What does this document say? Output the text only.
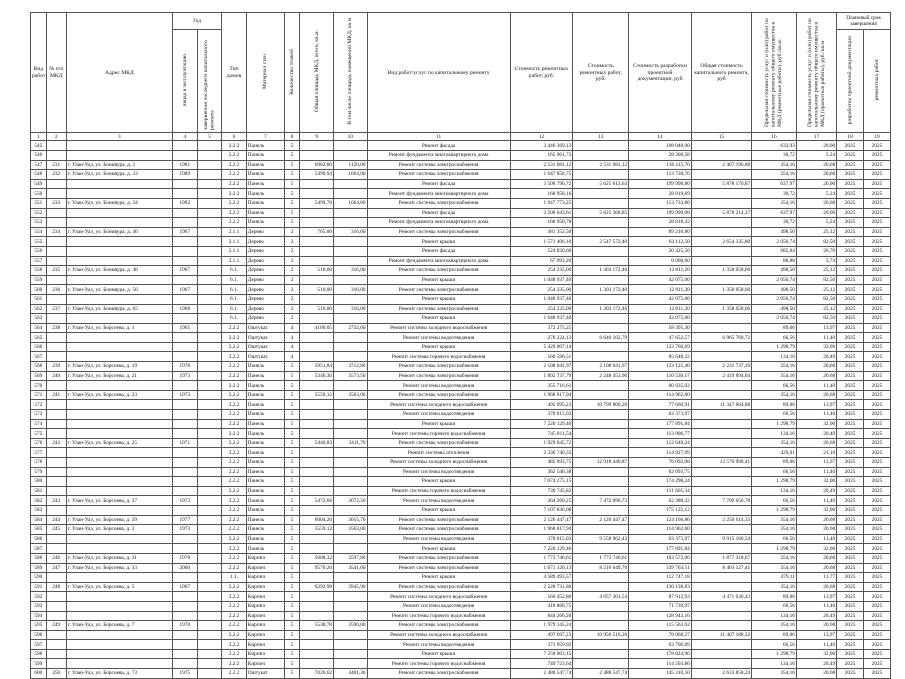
Вид работ	№ п/п МКД	Адрес МКД	Год		Тип домов	Материал стен	Количество этажей	Общая площадь МКД, всего, кв.м.	В том числе площадь помещений МКД, кв.м	Вид работ/услуг по капитальному ремонту	Стоимость ремонтных работ, руб.	Стоимость ремонтных работ, руб.	Стоимость разработки проектной документации, руб	Общая стоимость капитального ремонта, руб	Предельная стоимость услуг и (или) работ по капитальному ремонту общего имущества в МКД (ремонтные работы), руб./кв.м.	Предельная стоимость услуг и (или) работ по капитальному ремонту общего имущества в МКД (проектные работы), руб./кв.м	Плановый срок завершения	
			ввода в эксплуатацию	завершения последнего капитального ремонта													разработки проектной документации	ремонтных работ
1	2	3	4	5	6	7	8	9	10	11	12	13	14	15	16	17	18	19
545					2.2.2	Панель	5			Ремонт фасада	3 446 369,13		108 048,00		633,93	20,00	2025	2025
546					2.2.2	Панель	5			Ремонт фундамента многоквартирного дома	165 961,73		28 308,58		30,72	5,24	2025	2025
547	231	г. Улан-Удэ, ул. Бонивура, д. 2	1981		2.2.2	Панель	5	6982,00	1120,00	Ремонт системы электроснабжения	2 531 081,12	2 531 081,12	136 115,76	2 467 196,88	354,16	20,68	2025	2025
548	232	г. Улан-Удэ, ул. Бонивура, д. 23	1989		2.2.2	Панель	5	5499,94	1664,00	Ремонт системы электроснабжения	1 047 858,75		113 738,76		354,16	20,68	2025	2025
549					2.2.2	Панель	5			Ремонт фасада	3 508 796,72	5 625 613,63	199 998,80	5 878 170,87	637,97	20,00	2025	2025
550					2.2.2	Панель	5			Ремонт фундамента многоквартирного дома	168 958,16		28 819,69		30,72	5,24	2025	2025
551	233	г. Улан-Удэ, ул. Бонивура, д. 24	1992		2.2.2	Панель	5	5499,70	1664,00	Ремонт системы электроснабжения	1 947 773,25		113 733,80		354,16	20,68	2025	2025
552					2.2.2	Панель	5			Ремонт фасада	3 508 643,61	5 625 368,85	199 990,08	5 878 214,37	637,97	20,00	2025	2025
553					2.2.2	Панель	5			Ремонт фундамента многоквартирного дома	168 950,78		28 818,43		30,72	5,24	2025	2025
554	234	г. Улан-Удэ, ул. Бонивура, д. 46	1967		2.1.1	Дерево	2	765,00	316,00	Ремонт системы электроснабжения	381 352,50		89 216,80		498,50	25,12	2025	2025
555					2.1.1	Дерево	2			Ремонт крыши	1 571 406,10	2 547 572,40	63 112,50	2 654 335,80	2 056,74	82,50	2025	2025
556					2.1.1	Дерево	2			Ремонт фасада	524 820,60		20 425,50		685,04	26,70	2025	2025
557					2.1.1	Дерево	2			Ремонт фундамента многоквартирного дома	67 993,20		0 008,60		88,88	5,74	2025	2025
558	235	г. Улан-Удэ, ул. Бонивура, д. 48	1967		6.1.	Дерево	2	510,00	316,00	Ремонт системы электроснабжения	254 235,00	1 303 172,40	12 811,20	1 358 058,60	498,50	25,12	2025	2025
559					6.1.	Дерево	2			Ремонт крыши	1 048 937,40		42 075,00		2 056,74	82,50	2025	2025
560	236	г. Улан-Удэ, ул. Бонивура, д. 56	1967		6.1.	Дерево	2	510,00	316,00	Ремонт системы электроснабжения	254 235,00	1 303 172,40	12 811,20	1 358 058,60	498,50	25,12	2025	2025
561					6.1.	Дерево	2			Ремонт крыши	1 048 937,40		42 075,00		2 056,74	82,50	2025	2025
562	237	г. Улан-Удэ, ул. Бонивура, д. 65	1968		6.1.	Дерево	2	510,00	316,00	Ремонт системы электроснабжения	254 235,00	1 303 172,40	12 811,20	1 358 058,60	498,50	25,12	2025	2025
563					6.1.	Дерево	2			Ремонт крыши	1 048 937,40		42 075,00		2 056,74	82,50	2025	2025
564	238	г. Улан-Удэ, ул. Борсоева, д. 1	1965		2.2.2	Оштукат.	4	4180,05	2732,00	Ремонт системы холодного водоснабжения	372 275,25		58 395,30		89,06	13,97	2025	2025
565					2.2.2	Оштукат.	4			Ремонт системы водоотведения	278 224,13	6 640 102,79	47 652,57	6 965 760,72	66,56	11,40	2025	2025
566					2.2.2	Оштукат.	4			Ремонт крыши	5 429 007,14		133 760,69		1 298,79	32,00	2025	2025
567					2.2.2	Оштукат.	4			Ремонт системы горячего водоснабжения	560 596,51		85 648,22		134,16	20,49	2025	2025
568	239	г. Улан-Удэ, ул. Борсоева, д. 19	1976		2.2.2	Панель	5	5951,84	3712,80	Ремонт системы электроснабжения	2 108 041,97	2 108 041,97	123 125,40	2 231 737,39	354,16	20,68	2025	2025
569	240	г. Улан-Удэ, ул. Борсоева, д. 21	1973		2.2.2	Панель	5	5346,30	3573,50	Ремонт системы электроснабжения	1 892 737,79	2 248 453,90	110 530,17	2 419 894,04	354,16	20,68	2025	2025
570					2.2.2	Панель	5			Ремонт системы водоотведения	355 716,61		60 935,02		66,56	11,40	2025	2025
571	241	г. Улан-Удэ, ул. Борсоева, д. 23	1973		2.2.2	Панель	5	5559,12	3563,00	Ремонт системы электроснабжения	1 968 817,94		114 962,60		354,16	20,68	2025	2025
572					2.2.2	Панель	5			Ремонт системы холодного водоснабжения	495 095,23	10 799 860,20	77 660,91	11 347 664,88	89,06	13,97	2025	2025
573					2.2.2	Панель	5			Ремонт системы водоотведения	370 015,03		63 373,97		66,56	11,40	2025	2025
574					2.2.2	Панель	5			Ремонт крыши	7 220 129,46		177 891,84		1 298,79	32,00	2025	2025
575					2.2.2	Панель	5			Ремонт системы горячего водоснабжения	745 811,54		113 906,77		134,16	20,49	2025	2025
576	242	г. Улан-Удэ, ул. Борсоева, д. 25	1971		2.2.2	Панель	5	5446,83	3411,70	Ремонт системы электроснабжения	1 929 045,72		112 640,24		354,16	20,68	2025	2025
577					2.2.2	Панель	5			Ремонт системы отопления	2 336 740,33		114 927,99		429,01	21,10	2025	2025
578					2.2.2	Панель	5			Ремонт системы холодного водоснабжения	485 093,75	12 918 440,87	76 092,08	13 570 998,41	89,06	13,97	2025	2025
579					2.2.2	Панель	5			Ремонт системы водоотведения	362 540,38		62 093,75		66,56	11,40	2025	2025
580					2.2.2	Панель	5			Ремонт крыши	7 074 275,15		174 298,24		1 298,79	32,00	2025	2025
581					2.2.2	Панель	5			Ремонт системы горячего водоснабжения	730 745,82		111 605,34		134,16	20,49	2025	2025
582	243	г. Улан-Удэ, ул. Борсоева, д. 27	1972		2.2.2	Панель	5	5472,66	3672,50	Ремонт системы водоотведения	364 260,25	7 472 096,73	62 388,32	7 709 656,78	66,56	11,40	2025	2025
583					2.2.2	Панель	5			Ремонт крыши	7 107 836,08		175 125,12		1 298,79	32,00	2025	2025
584	244	г. Улан-Удэ, ул. Борсоева, д. 29	1977		2.2.2	Панель	5	6004,20	3615,70	Ремонт системы электроснабжения	2 126 447,47	2 126 447,47	124 166,86	2 250 614,33	354,16	20,68	2025	2025
585	245	г. Улан-Удэ, ул. Борсоева, д. 3	1973		2.2.2	Панель	5	5559,12	3563,00	Ремонт системы электроснабжения	1 968 817,94		114 962,60		354,16	20,68	2025	2025
586					2.2.2	Панель	5			Ремонт системы водоотведения	370 015,03	9 558 962,43	63 373,97	9 915 160,54	66,56	11,40	2025	2025
587					2.2.2	Панель	5			Ремонт крыши	7 220 129,46		177 891,84		1 298,79	32,00	2025	2025
588	246	г. Улан-Удэ, ул. Борсоева, д. 31	1978		2.2.2	Кирпич	5	5008,32	3597,80	Ремонт системы электроснабжения	1 773 746,61	1 773 746,61	103 572,06	1 877 318,67	354,16	20,68	2025	2025
589	247	г. Улан-Удэ, ул. Борсоева, д. 33	2000		2.2.2	Кирпич	5	9570,20	4541,00	Ремонт системы электроснабжения	1 671 120,13	8 210 649,70	339 763,51	8 463 127,41	354,16	20,68	2025	2025
590					1.1.	Кирпич	5			Ремонт крыши	4 589 493,57		112 747,18		479,11	11,77	2025	2025
591	248	г. Улан-Удэ, ул. Борсоева, д. 5	1967		2.2.2	Кирпич	5	6292,98	3945,90	Ремонт системы электроснабжения	2 228 731,80		130 138,83		354,16	20,68	2025	2025
592					2.2.2	Кирпич	5			Ремонт системы холодного водоснабжения	560 452,80	4 057 301,54	87 912,93	4 471 036,43	89,06	13,97	2025	2025
593					2.2.2	Кирпич	5			Ремонт системы водоотведения	418 860,75		71 739,97		66,56	11,40	2025	2025
594					2.2.2	Кирпич	5			Ремонт системы горячего водоснабжения	844 266,20		128 943,16		134,16	20,49	2025	2025
595	249	г. Улан-Удэ, ул. Борсоева, д. 7	1970		2.2.2	Кирпич	5	5538,78	3590,00	Ремонт системы электроснабжения	1 979 145,24		115 563,62		354,16	20,68	2025	2025
596					2.2.2	Кирпич	5			Ремонт системы холодного водоснабжения	497 697,23	10 956 510,26	78 068,27	11 407 188,32	89,06	13,97	2025	2025
597					2.2.2	Кирпич	5			Ремонт системы водоотведения	371 959,92		63 706,89		66,56	11,40	2025	2025
598					2.2.2	Кирпич	5			Ремонт крыши	7 258 003,15		178 824,96		1 298,79	32,00	2025	2025
599					2.2.2	Кирпич	5			Ремонт системы горячего водоснабжения	749 723,64		114 503,86		134,16	20,49	2025	2025
600	250	г. Улан-Удэ, ул. Борсоева, д. 73	1975		2.2.2	Оштукат.	5	7026,62	4401,30	Ремонт системы электроснабжения	2 488 547,74	2 488 547,74	145 310,50	2 633 858,24	354,16	20,68	2025	2025
